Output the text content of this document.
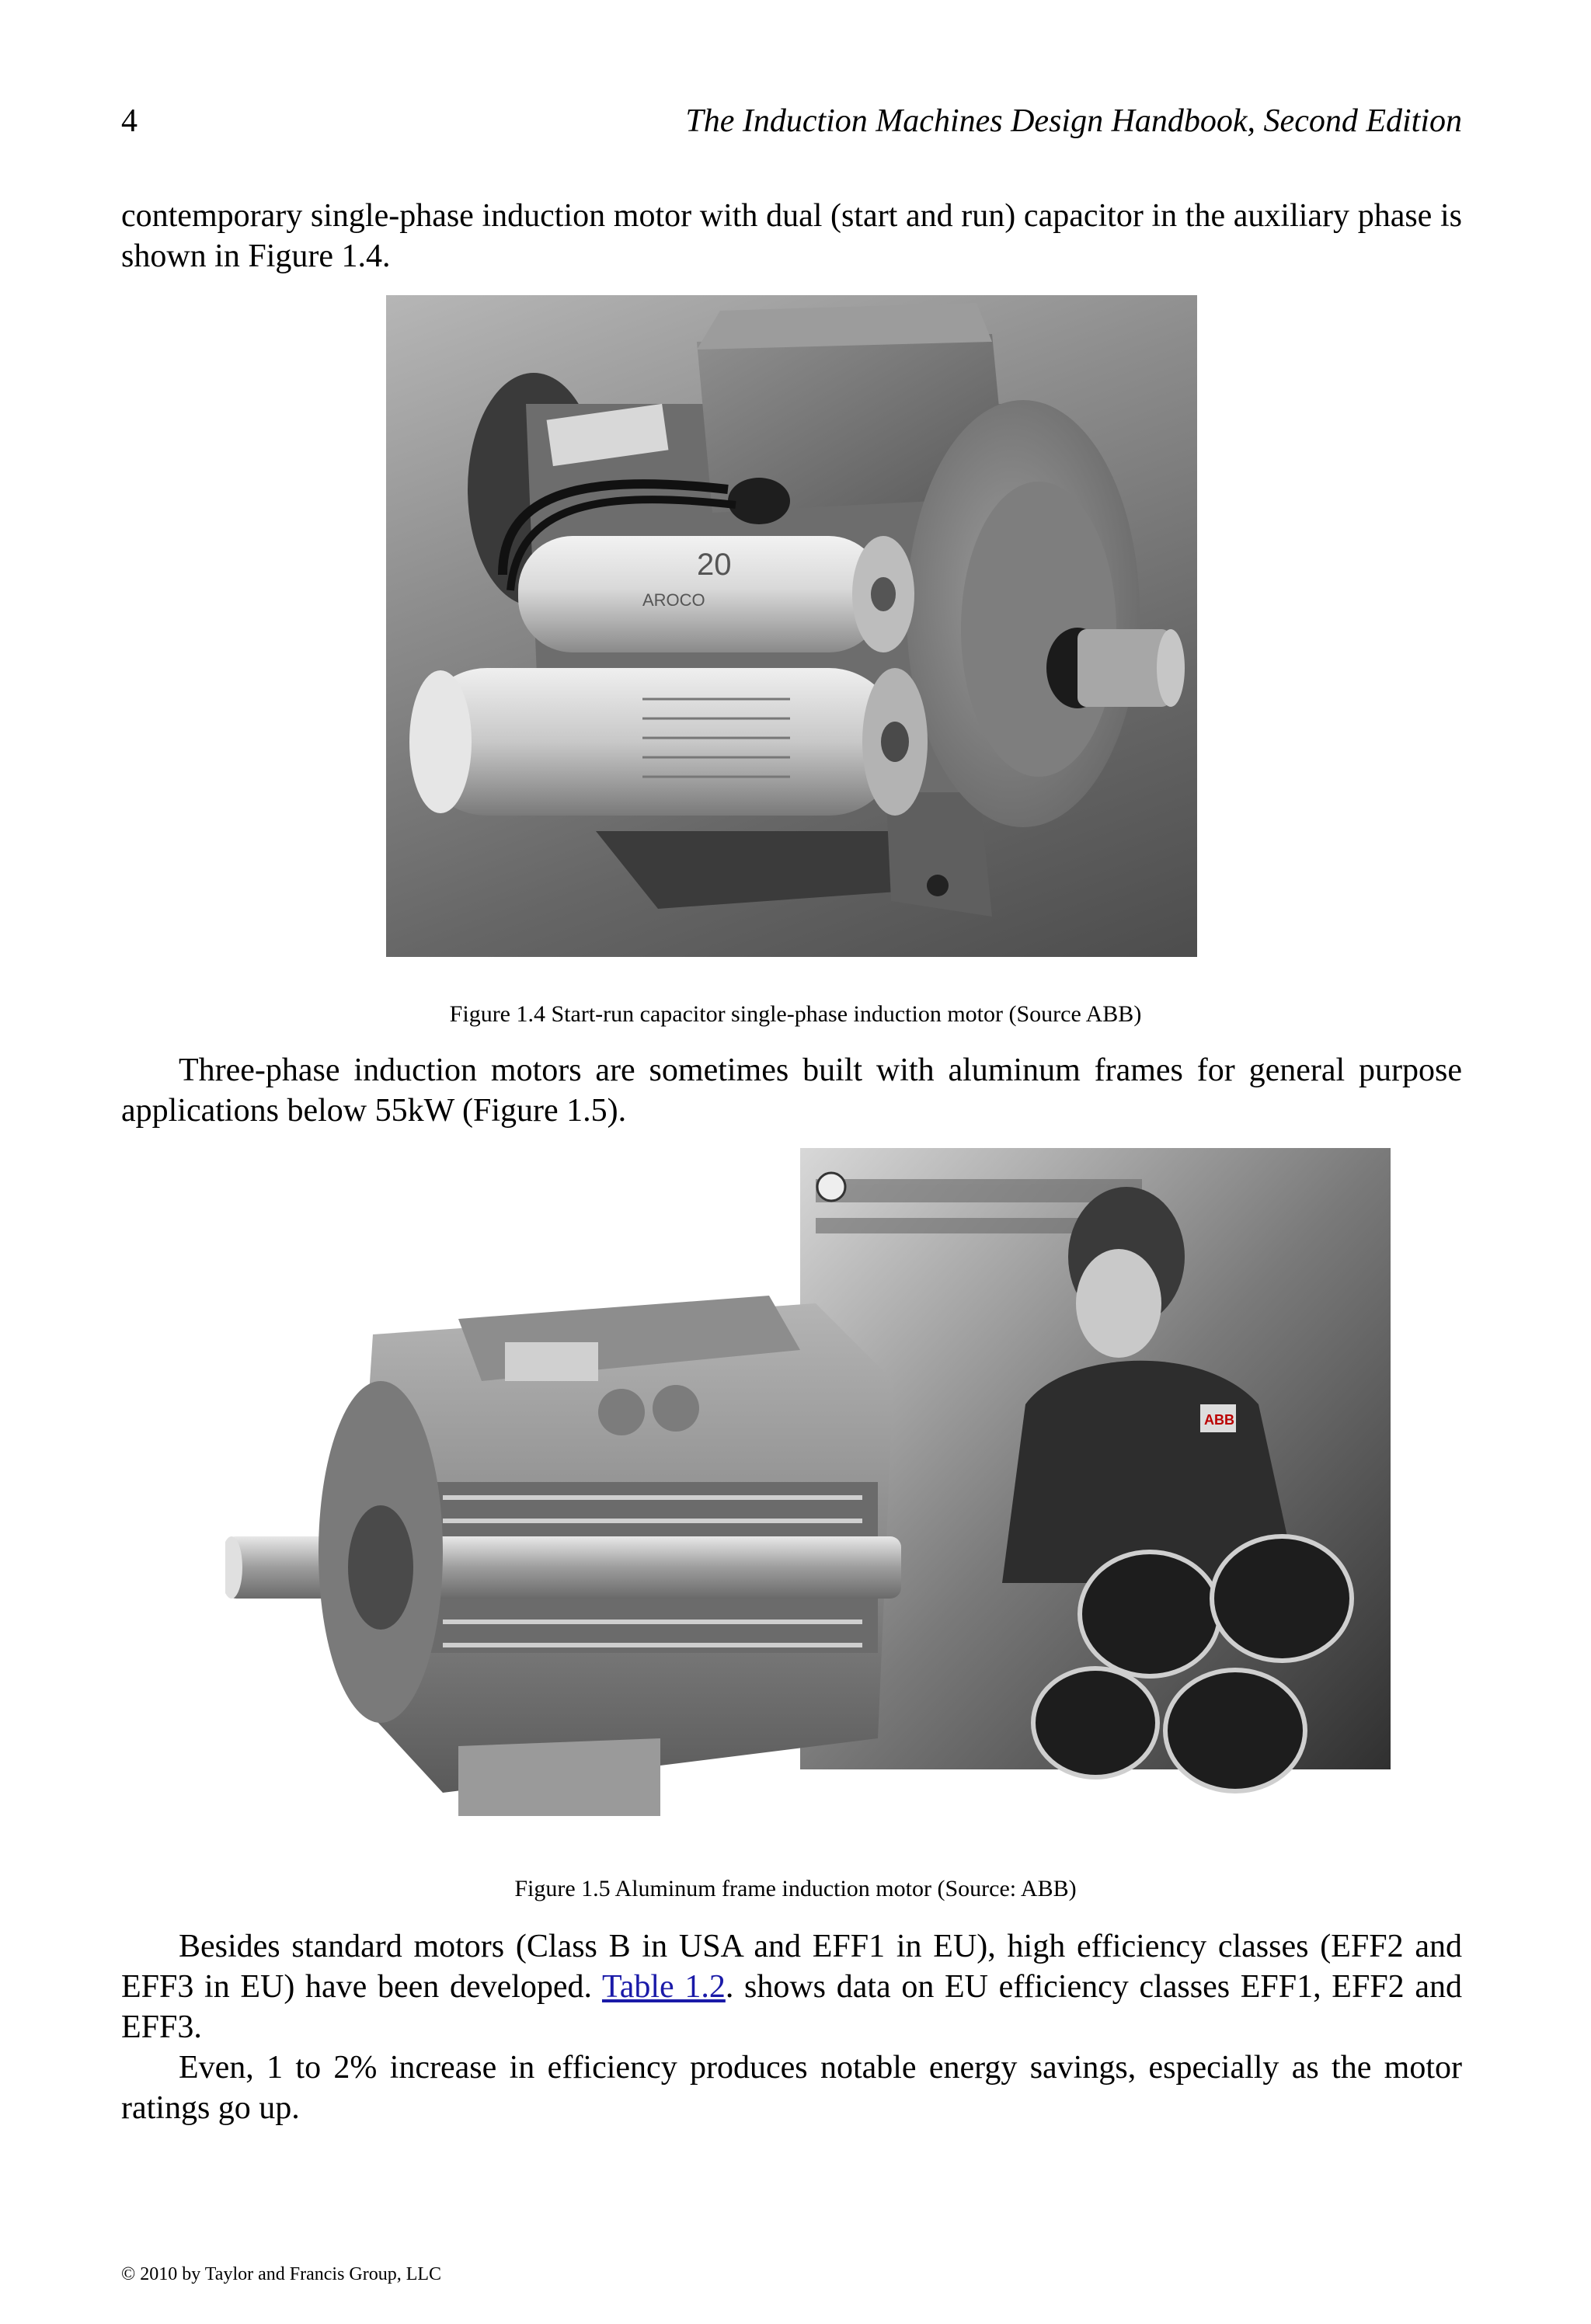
4	The Induction Machines Design Handbook, Second Edition

contemporary single-phase induction motor with dual (start and run) capacitor in the auxiliary phase is shown in Figure 1.4.

AROCO
20
Figure 1.4 Start-run capacitor single-phase induction motor (Source ABB)

Three-phase induction motors are sometimes built with aluminum frames for general purpose applications below 55kW (Figure 1.5).

ABB
Figure 1.5 Aluminum frame induction motor (Source: ABB)

Besides standard motors (Class B in USA and EFF1 in EU), high efficiency classes (EFF2 and EFF3 in EU) have been developed. Table 1.2. shows data on EU efficiency classes EFF1, EFF2 and EFF3.

Even, 1 to 2% increase in efficiency produces notable energy savings, especially as the motor ratings go up.

© 2010 by Taylor and Francis Group, LLC
